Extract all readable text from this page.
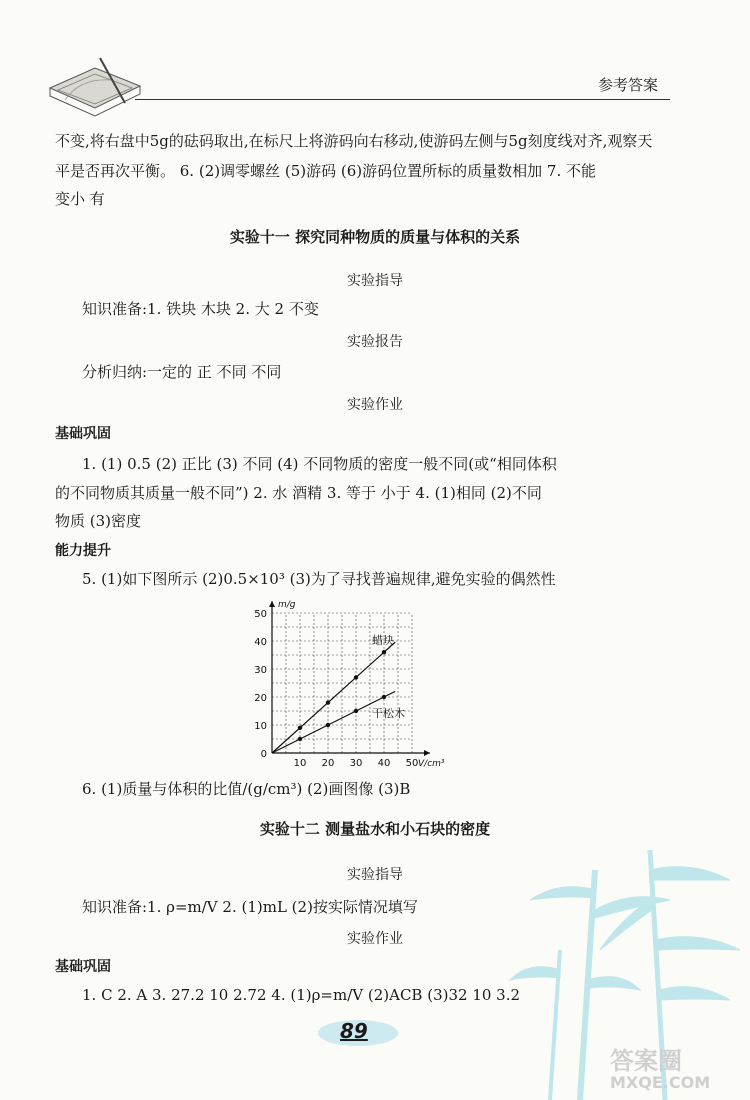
参考答案
不变,将右盘中5g的砝码取出,在标尺上将游码向右移动,使游码左侧与5g刻度线对齐,观察天
平是否再次平衡。 6. (2)调零螺丝 (5)游码 (6)游码位置所标的质量数相加 7. 不能
变小 有
实验十一 探究同种物质的质量与体积的关系
实验指导
知识准备:1. 铁块 木块 2. 大 2 不变
实验报告
分析归纳:一定的 正 不同 不同
实验作业
基础巩固
1. (1) 0.5 (2) 正比 (3) 不同 (4) 不同物质的密度一般不同(或“相同体积
的不同物质其质量一般不同”) 2. 水 酒精 3. 等于 小于 4. (1)相同 (2)不同
物质 (3)密度
能力提升
5. (1)如下图所示 (2)0.5×10³ (3)为了寻找普遍规律,避免实验的偶然性
10 20 30 40 50
0
10
20
30
40
50
m/g
V/cm³
蜡块
干松木
6. (1)质量与体积的比值/(g/cm³) (2)画图像 (3)B
实验十二 测量盐水和小石块的密度
实验指导
知识准备:1. ρ=m/V 2. (1)mL (2)按实际情况填写
实验作业
基础巩固
1. C 2. A 3. 27.2 10 2.72 4. (1)ρ=m/V (2)ACB (3)32 10 3.2
89
答案圈
MXQE.COM
